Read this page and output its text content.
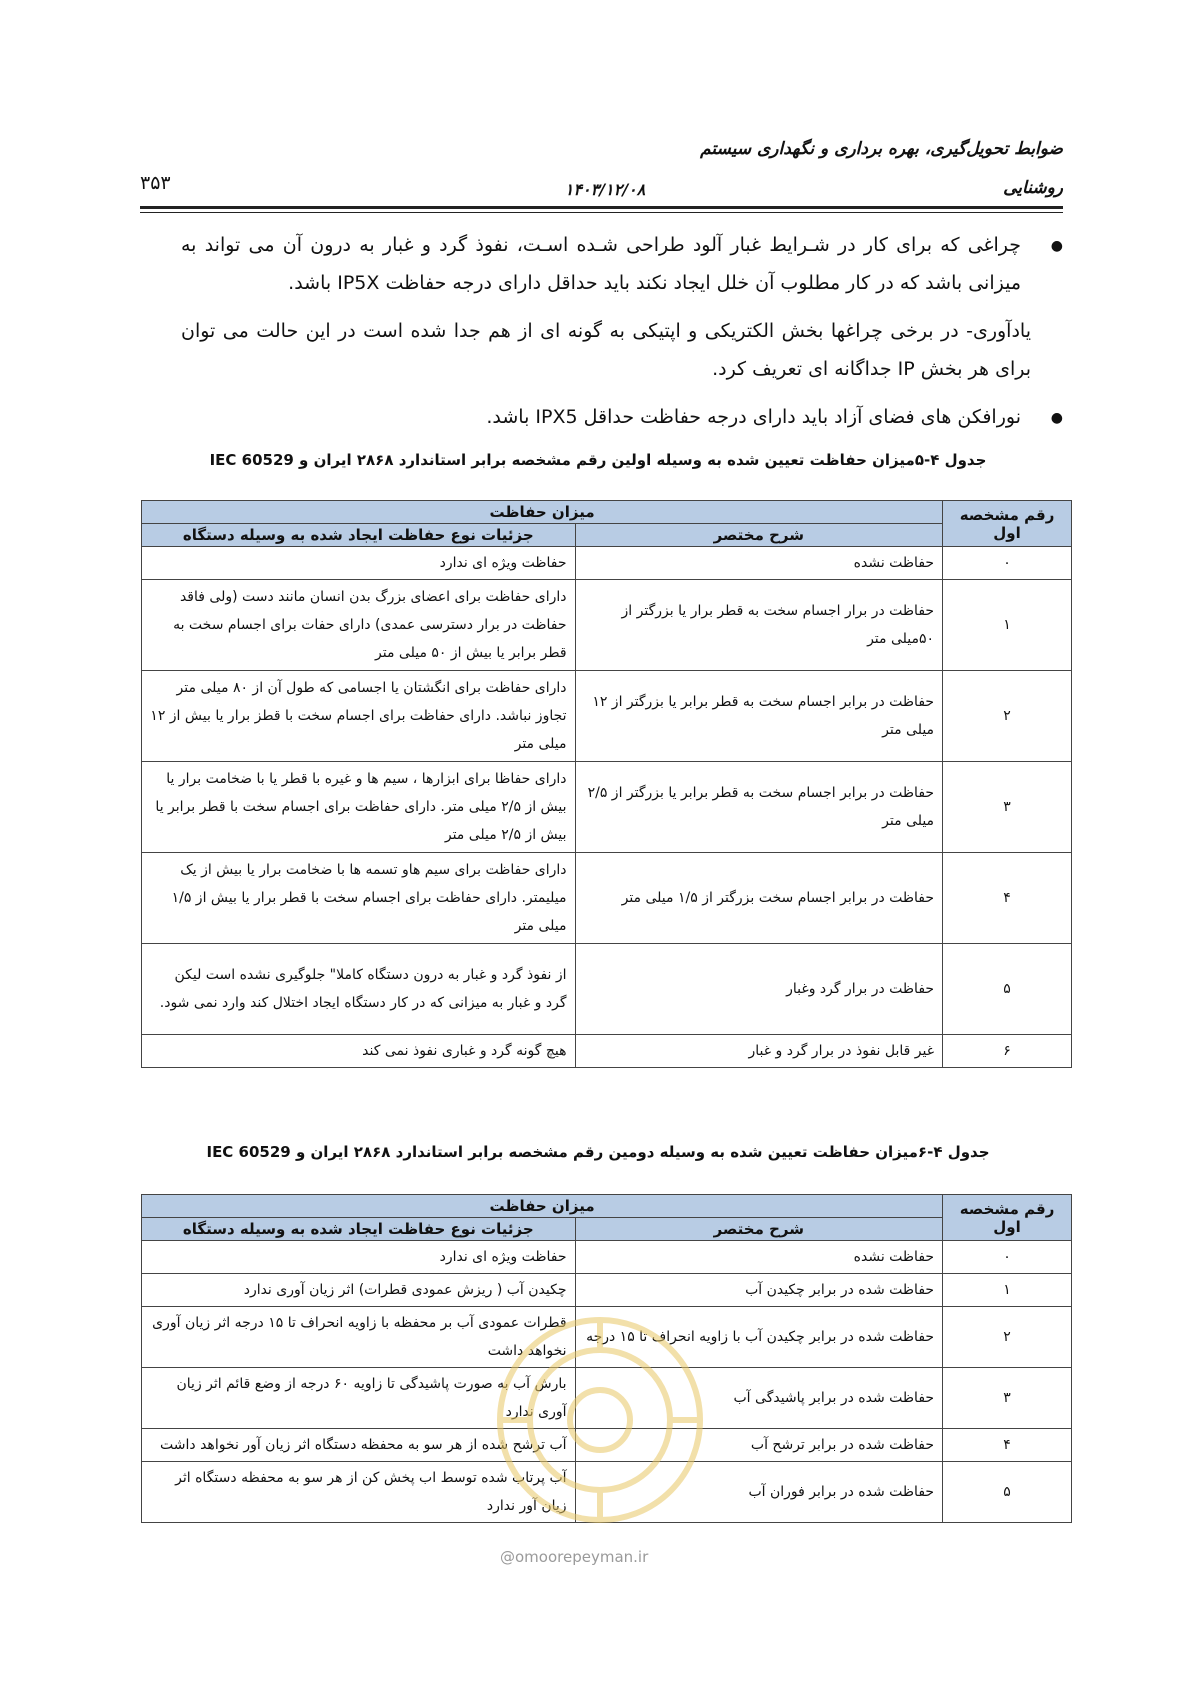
ضوابط تحویل‌گیری، بهره برداری و نگهداری سیستم
روشنایی
۱۴۰۳/۱۲/۰۸
۳۵۳
●
چراغی که برای کار در شـرایط غبار آلود طراحی شـده اسـت، نفوذ گرد و غبار به درون آن می تواند به میزانی باشد که در کار مطلوب آن خلل ایجاد نکند باید حداقل دارای درجه حفاظت IP5X باشد.
یادآوری- در برخی چراغها بخش الکتریکی و اپتیکی به گونه ای از هم جدا شده است در این حالت می توان برای هر بخش IP جداگانه ای تعریف کرد.
●
نورافکن های فضای آزاد باید دارای درجه حفاظت حداقل IPX5 باشد.
جدول ۴-۵میزان حفاظت تعیین شده به وسیله اولین رقم مشخصه برابر استاندارد ۲۸۶۸ ایران و IEC 60529
رقم مشخصه اول	میزان حفاظت	
	شرح مختصر	جزئیات نوع حفاظت ایجاد شده به وسیله دستگاه
۰	حفاظت نشده	حفاظت ویژه ای ندارد
۱	حفاظت در برار اجسام سخت به قطر برار یا بزرگتر از ۵۰میلی متر	دارای حفاظت برای اعضای بزرگ بدن انسان مانند دست (ولی فاقد حفاظت در برار دسترسی عمدی) دارای حفات برای اجسام سخت به قطر برابر یا بیش از ۵۰ میلی متر
۲	حفاظت در برابر اجسام سخت به قطر برابر یا بزرگتر از ۱۲ میلی متر	دارای حفاظت برای انگشتان یا اجسامی که طول آن از ۸۰ میلی متر تجاوز نباشد. دارای حفاظت برای اجسام سخت با قطز برار یا بیش از ۱۲ میلی متر
۳	حفاظت در برابر اجسام سخت به قطر برابر یا بزرگتر از ۲/۵ میلی متر	دارای حفاظا برای ابزارها ، سیم ها و غیره با قطر یا با ضخامت برار یا بیش از ۲/۵ میلی متر. دارای حفاظت برای اجسام سخت با قطر برابر یا بیش از ۲/۵ میلی متر
۴	حفاظت در برابر اجسام سخت بزرگتر از ۱/۵ میلی متر	دارای حفاظت برای سیم هاو تسمه ها با ضخامت برار یا بیش از یک میلیمتر. دارای حفاظت برای اجسام سخت با قطر برار یا بیش از ۱/۵ میلی متر
۵	حفاظت در برار گرد وغبار	از نفوذ گرد و غبار به درون دستگاه کاملا" جلوگیری نشده است لیکن گرد و غبار به میزانی که در کار دستگاه ایجاد اختلال کند وارد نمی شود.
۶	غیر قابل نفوذ در برار گرد و غبار	هیچ گونه گرد و غباری نفوذ نمی کند
جدول ۴-۶میزان حفاظت تعیین شده به وسیله دومین رقم مشخصه برابر استاندارد ۲۸۶۸ ایران و IEC 60529
رقم مشخصه اول	میزان حفاظت	
	شرح مختصر	جزئیات نوع حفاظت ایجاد شده به وسیله دستگاه
۰	حفاظت نشده	حفاظت ویژه ای ندارد
۱	حفاظت شده در برابر چکیدن آب	چکیدن آب ( ریزش عمودی قطرات) اثر زیان آوری ندارد
۲	حفاظت شده در برابر چکیدن آب با زاویه انحراف تا ۱۵ درجه	قطرات عمودی آب بر محفظه با زاویه انحراف تا ۱۵ درجه اثر زیان آوری نخواهد داشت
۳	حفاظت شده در برابر پاشیدگی آب	بارش آب به صورت پاشیدگی تا زاویه ۶۰ درجه از وضع قائم اثر زیان آوری ندارد
۴	حفاظت شده در برابر ترشح آب	آب ترشح شده از هر سو به محفظه دستگاه اثر زیان آور نخواهد داشت
۵	حفاظت شده در برابر فوران آب	آب پرتاب شده توسط اب پخش کن از هر سو به محفظه دستگاه اثر زیان آور ندارد
@omoorepeyman.ir
